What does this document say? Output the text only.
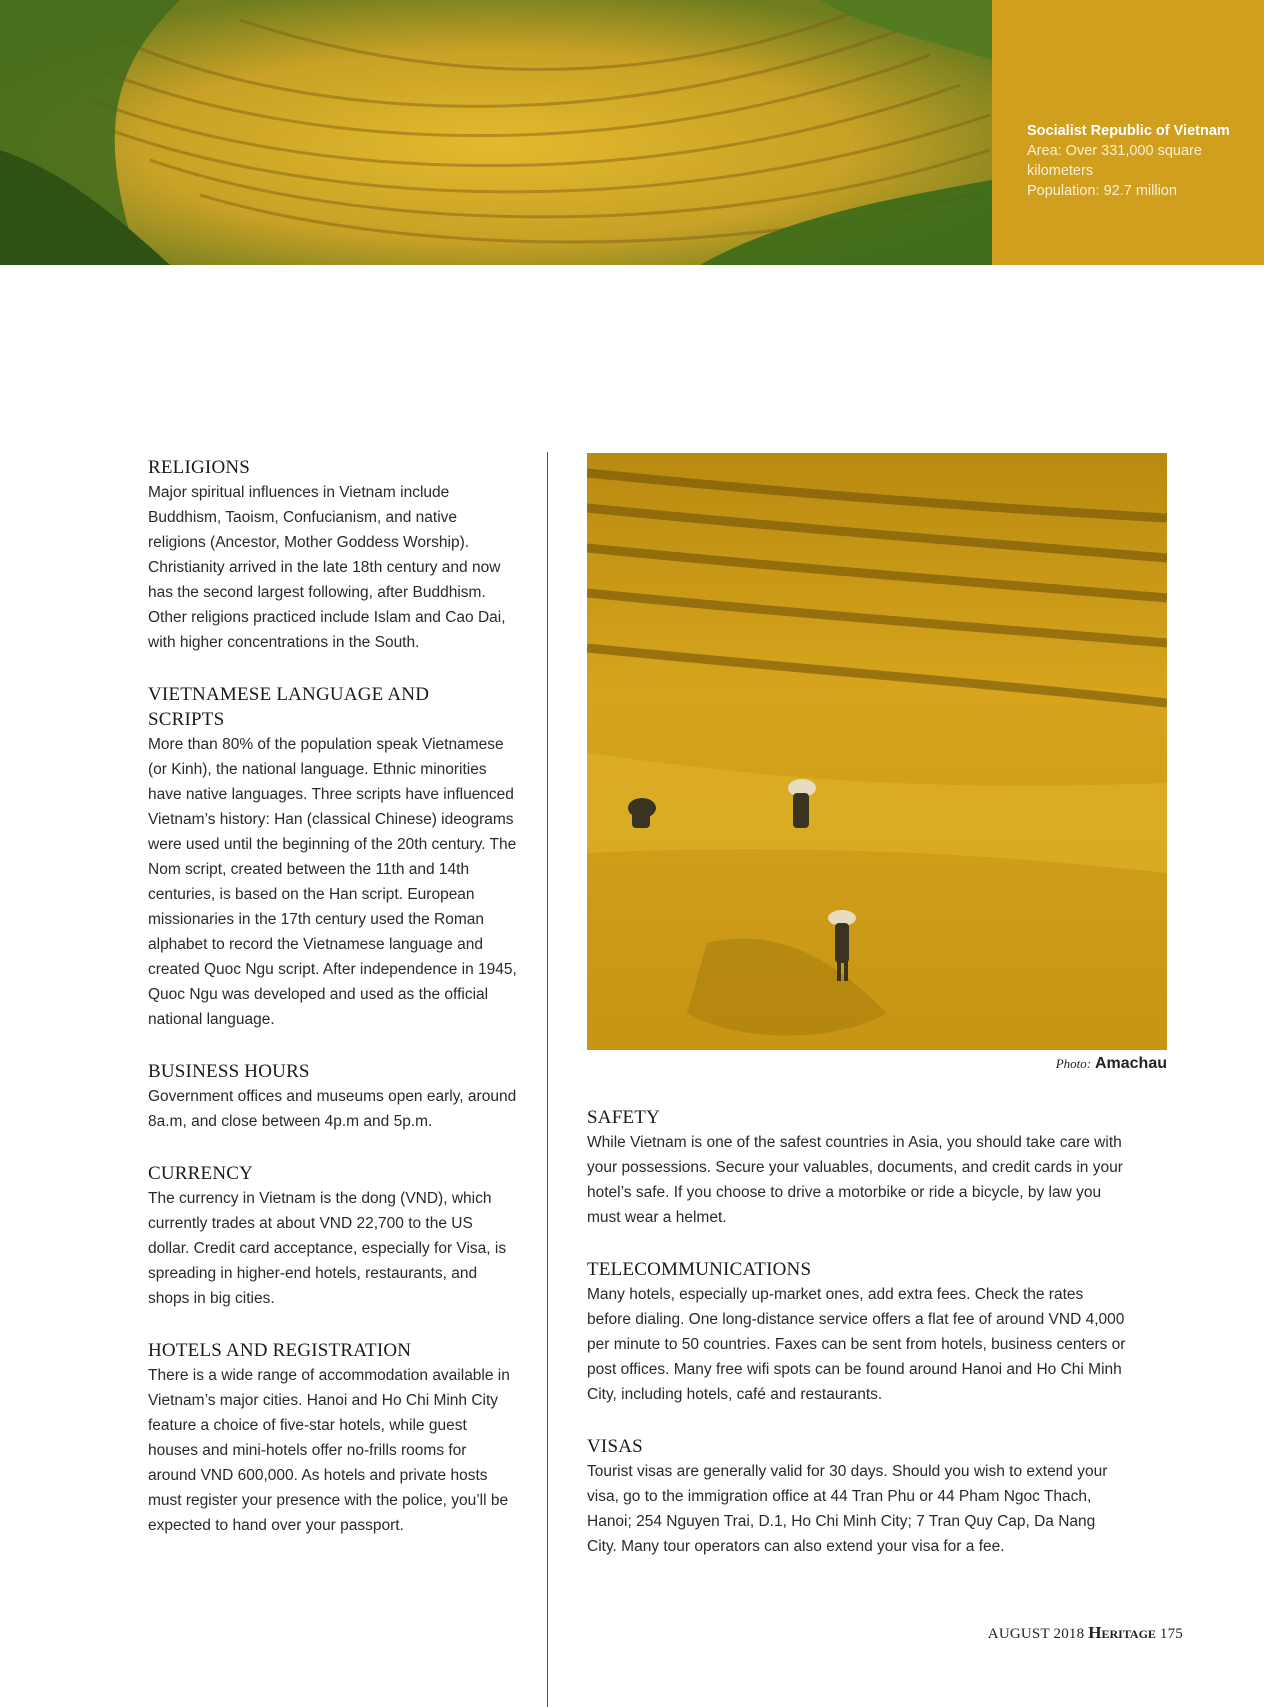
Socialist Republic of Vietnam
Area: Over 331,000 square kilometers
Population: 92.7 million
RELIGIONS

Major spiritual influences in Vietnam include Buddhism, Taoism, Confucianism, and native religions (Ancestor, Mother Goddess Worship). Christianity arrived in the late 18th century and now has the second largest following, after Buddhism. Other religions practiced include Islam and Cao Dai, with higher concentrations in the South.

VIETNAMESE LANGUAGE AND SCRIPTS

More than 80% of the population speak Vietnamese (or Kinh), the national language. Ethnic minorities have native languages. Three scripts have influenced Vietnam’s history: Han (classical Chinese) ideograms were used until the beginning of the 20th century. The Nom script, created between the 11th and 14th centuries, is based on the Han script. European missionaries in the 17th century used the Roman alphabet to record the Vietnamese language and created Quoc Ngu script. After independence in 1945, Quoc Ngu was developed and used as the official national language.

BUSINESS HOURS

Government offices and museums open early, around 8a.m, and close between 4p.m and 5p.m.

CURRENCY

The currency in Vietnam is the dong (VND), which currently trades at about VND 22,700 to the US dollar. Credit card acceptance, especially for Visa, is spreading in higher-end hotels, restaurants, and shops in big cities.

HOTELS AND REGISTRATION

There is a wide range of accommodation available in Vietnam’s major cities. Hanoi and Ho Chi Minh City feature a choice of five-star hotels, while guest houses and mini-hotels offer no-frills rooms for around VND 600,000. As hotels and private hosts must register your presence with the police, you’ll be expected to hand over your passport.

Photo: Amachau
SAFETY

While Vietnam is one of the safest countries in Asia, you should take care with your possessions. Secure your valuables, documents, and credit cards in your hotel’s safe. If you choose to drive a motorbike or ride a bicycle, by law you must wear a helmet.

TELECOMMUNICATIONS

Many hotels, especially up-market ones, add extra fees. Check the rates before dialing. One long-distance service offers a flat fee of around VND 4,000 per minute to 50 countries. Faxes can be sent from hotels, business centers or post offices. Many free wifi spots can be found around Hanoi and Ho Chi Minh City, including hotels, café and restaurants.

VISAS

Tourist visas are generally valid for 30 days. Should you wish to extend your visa, go to the immigration office at 44 Tran Phu or 44 Pham Ngoc Thach, Hanoi; 254 Nguyen Trai, D.1, Ho Chi Minh City; 7 Tran Quy Cap, Da Nang City. Many tour operators can also extend your visa for a fee.

AUGUST 2018 Heritage 175
